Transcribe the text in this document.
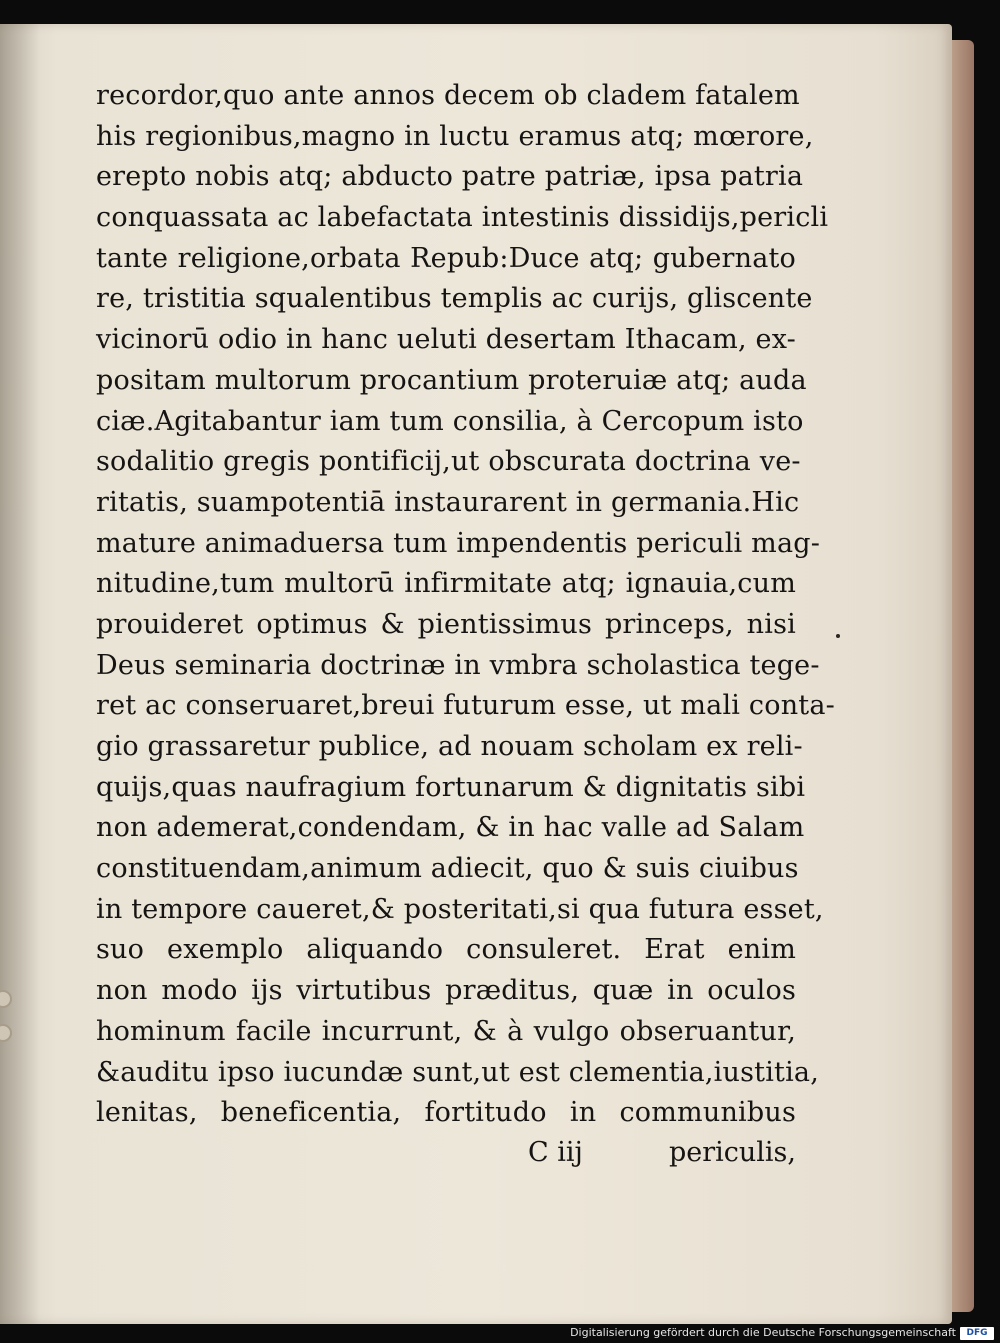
recordor,quo ante annos decem ob cladem fatalem
his regionibus,magno in luctu eramus atq; mœrore,
erepto nobis atq; abducto patre patriæ, ipsa patria
conquassata ac labefactata intestinis dissidijs,pericli
tante religione,orbata Repub:Duce atq; gubernato
re, tristitia squalentibus templis ac curijs, gliscente
vicinorū odio in hanc ueluti desertam Ithacam, ex-
positam multorum procantium proteruiæ atq; auda
ciæ.Agitabantur iam tum consilia, à Cercopum isto
sodalitio gregis pontificij,ut obscurata doctrina ve-
ritatis, suampotentiā instaurarent in germania.Hic
mature animaduersa tum impendentis periculi mag-
nitudine,tum multorū infirmitate atq; ignauia,cum
prouideret optimus & pientissimus princeps, nisi
Deus seminaria doctrinæ in vmbra scholastica tege-
ret ac conseruaret,breui futurum esse, ut mali conta-
gio grassaretur publice, ad nouam scholam ex reli-
quijs,quas naufragium fortunarum & dignitatis sibi
non ademerat,condendam, & in hac valle ad Salam
constituendam,animum adiecit, quo & suis ciuibus
in tempore caueret,& posteritati,si qua futura esset,
suo exemplo aliquando consuleret. Erat enim
non modo ijs virtutibus præditus, quæ in oculos
hominum facile incurrunt, & à vulgo obseruantur,
&auditu ipso iucundæ sunt,ut est clementia,iustitia,
lenitas, beneficentia, fortitudo in communibus
C iij	periculis,
Digitalisierung gefördert durch die Deutsche Forschungsgemeinschaft	DFG
